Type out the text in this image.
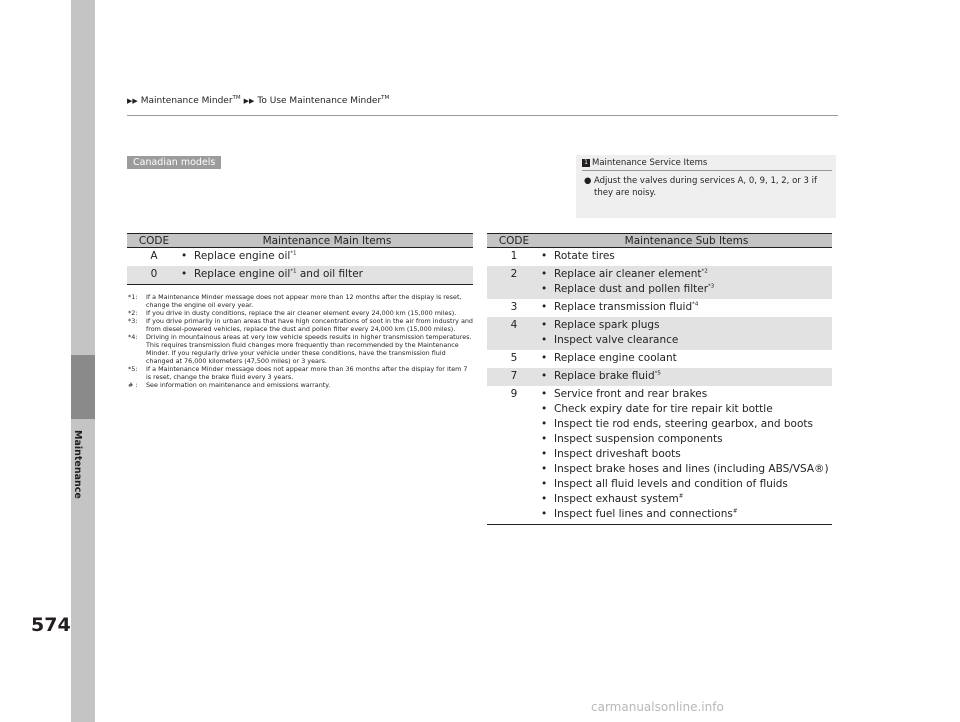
Maintenance
▶▶ Maintenance Minder™ ▶▶ To Use Maintenance Minder™
Canadian models	1 Maintenance Service Items
● Adjust the valves during services A, 0, 9, 1, 2, or 3 if they are noisy.
CODE	Maintenance Main Items
A	• Replace engine oil$^{*1}$
0	• Replace engine oil$^{*1}$ and oil filter
*1:	If a Maintenance Minder message does not appear more than 12 months after the display is reset, change the engine oil every year.
*2:	If you drive in dusty conditions, replace the air cleaner element every 24,000 km (15,000 miles).
*3:	If you drive primarily in urban areas that have high concentrations of soot in the air from industry and from diesel-powered vehicles, replace the dust and pollen filter every 24,000 km (15,000 miles).
*4:	Driving in mountainous areas at very low vehicle speeds results in higher transmission temperatures. This requires transmission fluid changes more frequently than recommended by the Maintenance Minder. If you regularly drive your vehicle under these conditions, have the transmission fluid changed at 76,000 kilometers (47,500 miles) or 3 years.
*5:	If a Maintenance Minder message does not appear more than 36 months after the display for item 7 is reset, change the brake fluid every 3 years.
# :	See information on maintenance and emissions warranty.
CODE	Maintenance Sub Items
1	• Rotate tires
2	• Replace air cleaner element$^{*2}$
• Replace dust and pollen filter$^{*3}$
3	• Replace transmission fluid$^{*4}$
4	• Replace spark plugs
• Inspect valve clearance
5	• Replace engine coolant
7	• Replace brake fluid$^{*5}$
9	• Service front and rear brakes
• Check expiry date for tire repair kit bottle
• Inspect tie rod ends, steering gearbox, and boots
• Inspect suspension components
• Inspect driveshaft boots
• Inspect brake hoses and lines (including ABS/VSA®)
• Inspect all fluid levels and condition of fluids
• Inspect exhaust system#
• Inspect fuel lines and connections#
574
carmanualsonline.info
